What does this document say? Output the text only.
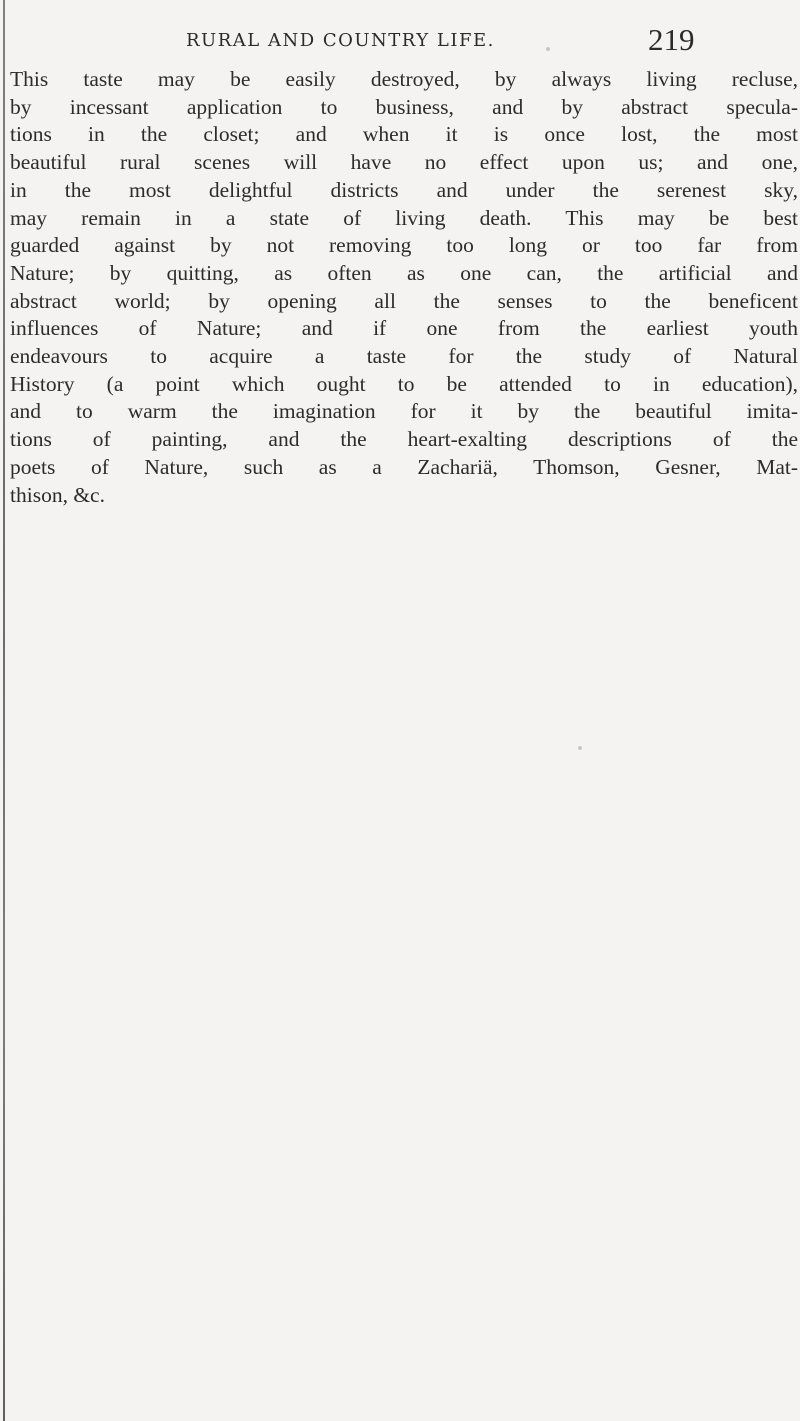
RURAL AND COUNTRY LIFE.	219

This taste may be easily destroyed, by always living recluse,
by incessant application to business, and by abstract specula-
tions in the closet; and when it is once lost, the most
beautiful rural scenes will have no effect upon us; and one,
in the most delightful districts and under the serenest sky,
may remain in a state of living death. This may be best
guarded against by not removing too long or too far from
Nature; by quitting, as often as one can, the artificial and
abstract world; by opening all the senses to the beneficent
influences of Nature; and if one from the earliest youth
endeavours to acquire a taste for the study of Natural
History (a point which ought to be attended to in education),
and to warm the imagination for it by the beautiful imita-
tions of painting, and the heart-exalting descriptions of the
poets of Nature, such as a Zachariä, Thomson, Gesner, Mat-
thison, &c.
